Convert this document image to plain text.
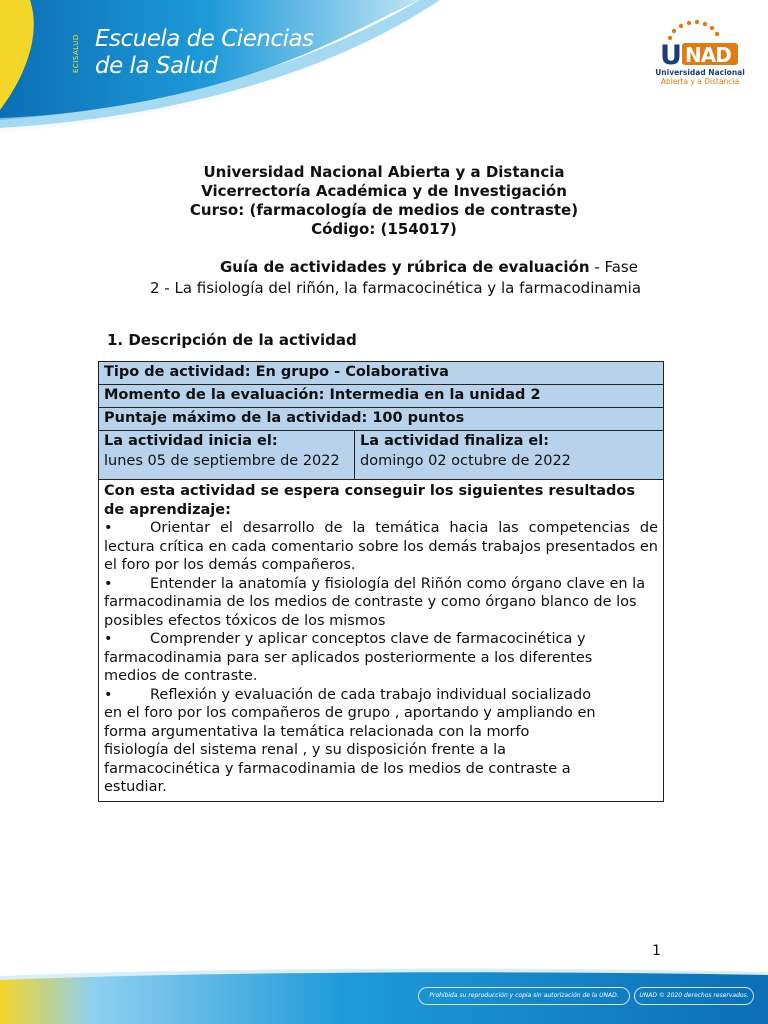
ECISALUD Escuela de Ciencias
de la Salud	U NAD
Universidad Nacional
Abierta y a Distancia
Universidad Nacional Abierta y a Distancia
Vicerrectoría Académica y de Investigación
Curso: (farmacología de medios de contraste)
Código: (154017)
Guía de actividades y rúbrica de evaluación - Fase
2 - La fisiología del riñón, la farmacocinética y la farmacodinamia
1. Descripción de la actividad
Tipo de actividad: En grupo - Colaborativa

Momento de la evaluación: Intermedia en la unidad 2

Puntaje máximo de la actividad: 100 puntos

La actividad inicia el:
lunes 05 de septiembre de 2022

La actividad finaliza el:
domingo 02 octubre de 2022

Con esta actividad se espera conseguir los siguientes resultados de aprendizaje:

•	Orientar el desarrollo de la temática hacia las competencias de lectura crítica en cada comentario sobre los demás trabajos presentados en el foro por los demás compañeros.

•	Entender la anatomía y fisiología del Riñón como órgano clave en la farmacodinamia de los medios de contraste y como órgano blanco de los posibles efectos tóxicos de los mismos

•	Comprender y aplicar conceptos clave de farmacocinética y farmacodinamia para ser aplicados posteriormente a los diferentes medios de contraste.

•	Reflexión y evaluación de cada trabajo individual socializado en el foro por los compañeros de grupo , aportando y ampliando en forma argumentativa la temática relacionada con la morfo fisiología del sistema renal , y su disposición frente a la farmacocinética y farmacodinamia de los medios de contraste a estudiar.

1
Prohibida su reproducción y copia sin autorización de la UNAD.	UNAD © 2020 derechos reservados.
